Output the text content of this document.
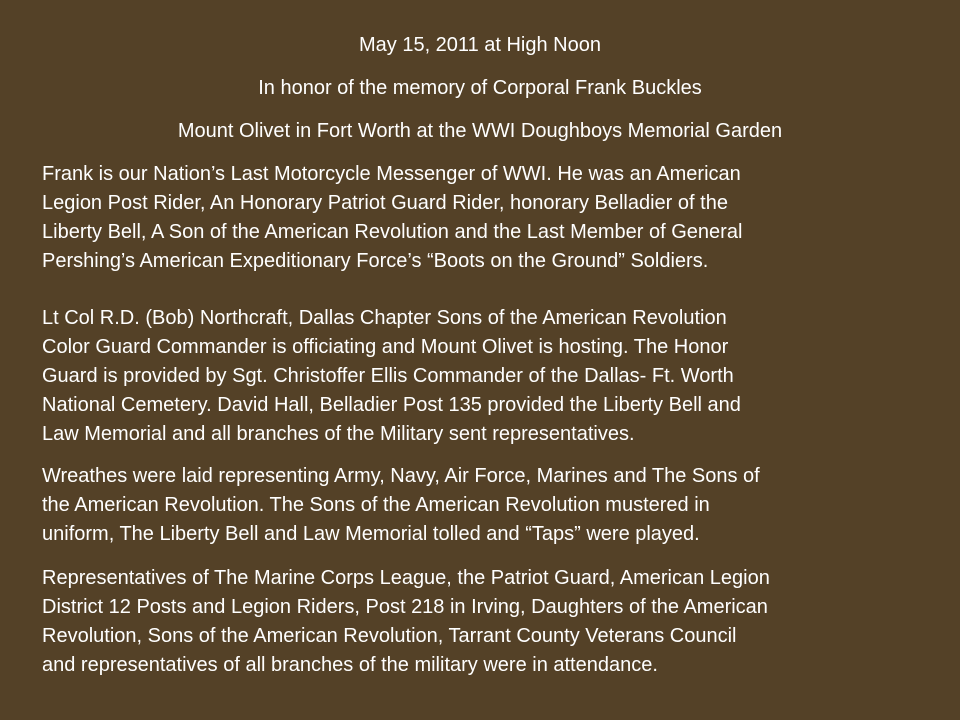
May 15, 2011 at High Noon
In honor of the memory of Corporal Frank Buckles
Mount Olivet in Fort Worth at the WWI Doughboys Memorial Garden
Frank is our Nation’s Last Motorcycle Messenger of WWI. He was an American
Legion Post Rider, An Honorary Patriot Guard Rider, honorary Belladier of the
Liberty Bell, A Son of the American Revolution and the Last Member of General
Pershing’s American Expeditionary Force’s “Boots on the Ground” Soldiers.
Lt Col R.D. (Bob) Northcraft, Dallas Chapter Sons of the American Revolution
Color Guard Commander is officiating and Mount Olivet is hosting. The Honor
Guard is provided by Sgt. Christoffer Ellis Commander of the Dallas- Ft. Worth
National Cemetery. David Hall, Belladier Post 135 provided the Liberty Bell and
Law Memorial and all branches of the Military sent representatives.
Wreathes were laid representing Army, Navy, Air Force, Marines and The Sons of
the American Revolution. The Sons of the American Revolution mustered in
uniform, The Liberty Bell and Law Memorial tolled and “Taps” were played.
Representatives of The Marine Corps League, the Patriot Guard, American Legion
District 12 Posts and Legion Riders, Post 218 in Irving, Daughters of the American
Revolution, Sons of the American Revolution, Tarrant County Veterans Council
and representatives of all branches of the military were in attendance.
